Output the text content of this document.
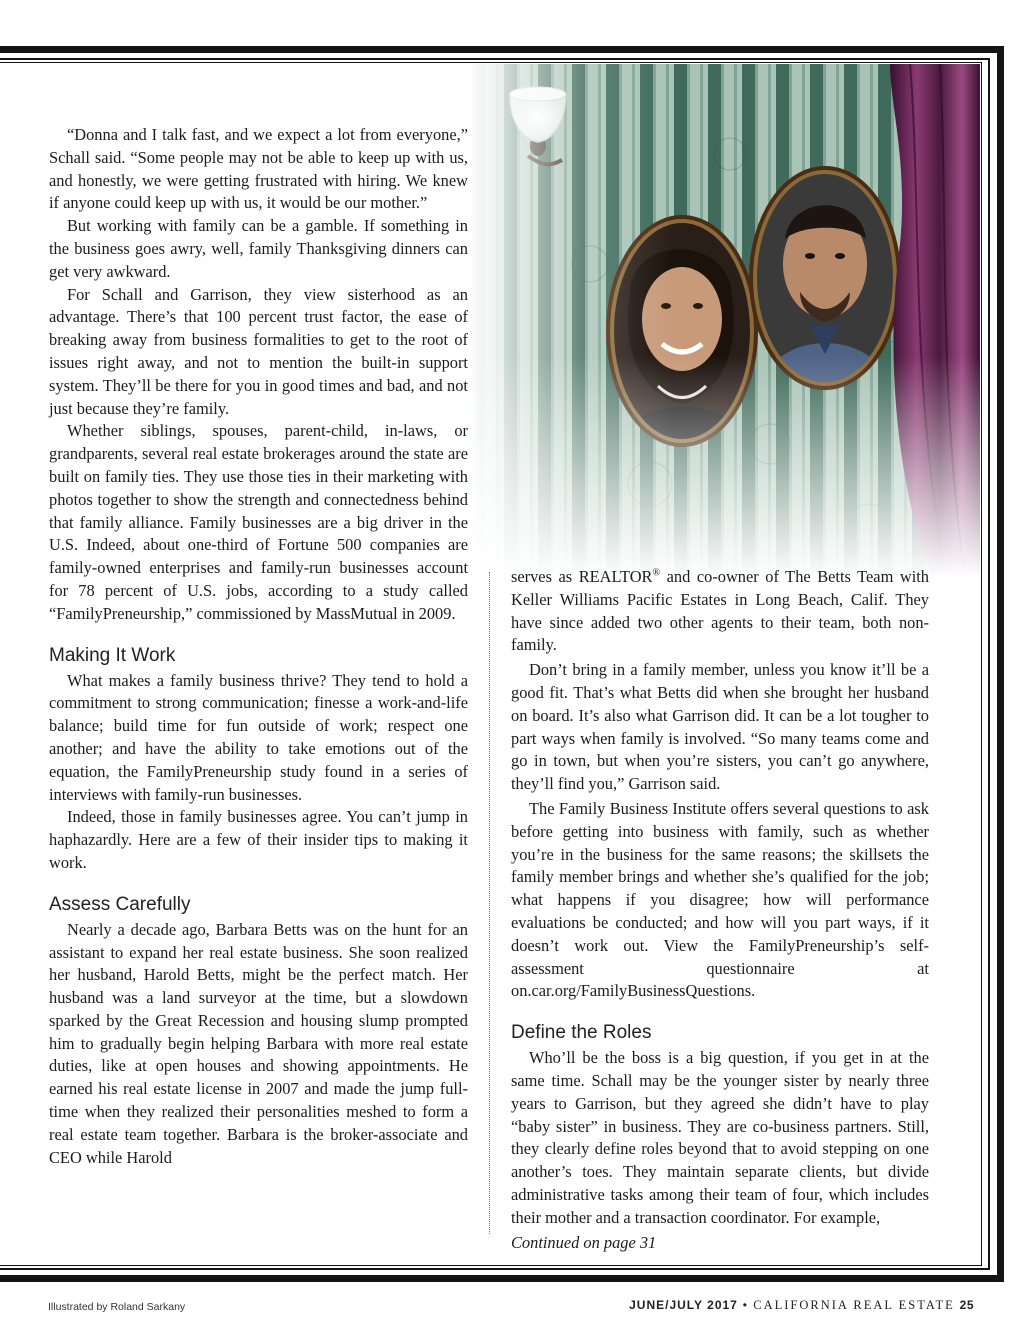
“Donna and I talk fast, and we expect a lot from everyone,” Schall said. “Some people may not be able to keep up with us, and honestly, we were getting frustrated with hiring. We knew if anyone could keep up with us, it would be our mother.”

But working with family can be a gamble. If something in the business goes awry, well, family Thanksgiving dinners can get very awkward.

For Schall and Garrison, they view sisterhood as an advantage. There’s that 100 percent trust factor, the ease of breaking away from business formalities to get to the root of issues right away, and not to mention the built-in support system. They’ll be there for you in good times and bad, and not just because they’re family.

Whether siblings, spouses, parent-child, in-laws, or grandparents, several real estate brokerages around the state are built on family ties. They use those ties in their marketing with photos together to show the strength and connectedness behind that family alliance. Family businesses are a big driver in the U.S. Indeed, about one-third of Fortune 500 companies are family-owned enterprises and family-run businesses account for 78 percent of U.S. jobs, according to a study called “FamilyPreneurship,” commissioned by MassMutual in 2009.

Making It Work

What makes a family business thrive? They tend to hold a commitment to strong communication; finesse a work-and-life balance; build time for fun outside of work; respect one another; and have the ability to take emotions out of the equation, the FamilyPreneurship study found in a series of interviews with family-run businesses.

Indeed, those in family businesses agree. You can’t jump in haphazardly. Here are a few of their insider tips to making it work.

Assess Carefully

Nearly a decade ago, Barbara Betts was on the hunt for an assistant to expand her real estate business. She soon realized her husband, Harold Betts, might be the perfect match. Her husband was a land surveyor at the time, but a slowdown sparked by the Great Recession and housing slump prompted him to gradually begin helping Barbara with more real estate duties, like at open houses and showing appointments. He earned his real estate license in 2007 and made the jump full-time when they realized their personalities meshed to form a real estate team together. Barbara is the broker-associate and CEO while Harold

serves as REALTOR® and co-owner of The Betts Team with Keller Williams Pacific Estates in Long Beach, Calif. They have since added two other agents to their team, both non-family.

Don’t bring in a family member, unless you know it’ll be a good fit. That’s what Betts did when she brought her husband on board. It’s also what Garrison did. It can be a lot tougher to part ways when family is involved. “So many teams come and go in town, but when you’re sisters, you can’t go anywhere, they’ll find you,” Garrison said.

The Family Business Institute offers several questions to ask before getting into business with family, such as whether you’re in the business for the same reasons; the skillsets the family member brings and whether she’s qualified for the job; what happens if you disagree; how will performance evaluations be conducted; and how will you part ways, if it doesn’t work out. View the FamilyPreneurship’s self-assessment questionnaire at on.car.org/FamilyBusinessQuestions.

Define the Roles

Who’ll be the boss is a big question, if you get in at the same time. Schall may be the younger sister by nearly three years to Garrison, but they agreed she didn’t have to play “baby sister” in business. They are co-business partners. Still, they clearly define roles beyond that to avoid stepping on one another’s toes. They maintain separate clients, but divide administrative tasks among their team of four, which includes their mother and a transaction coordinator. For example,

Continued on page 31

Illustrated by Roland Sarkany	JUNE/JULY 2017 • CALIFORNIA REAL ESTATE 25
